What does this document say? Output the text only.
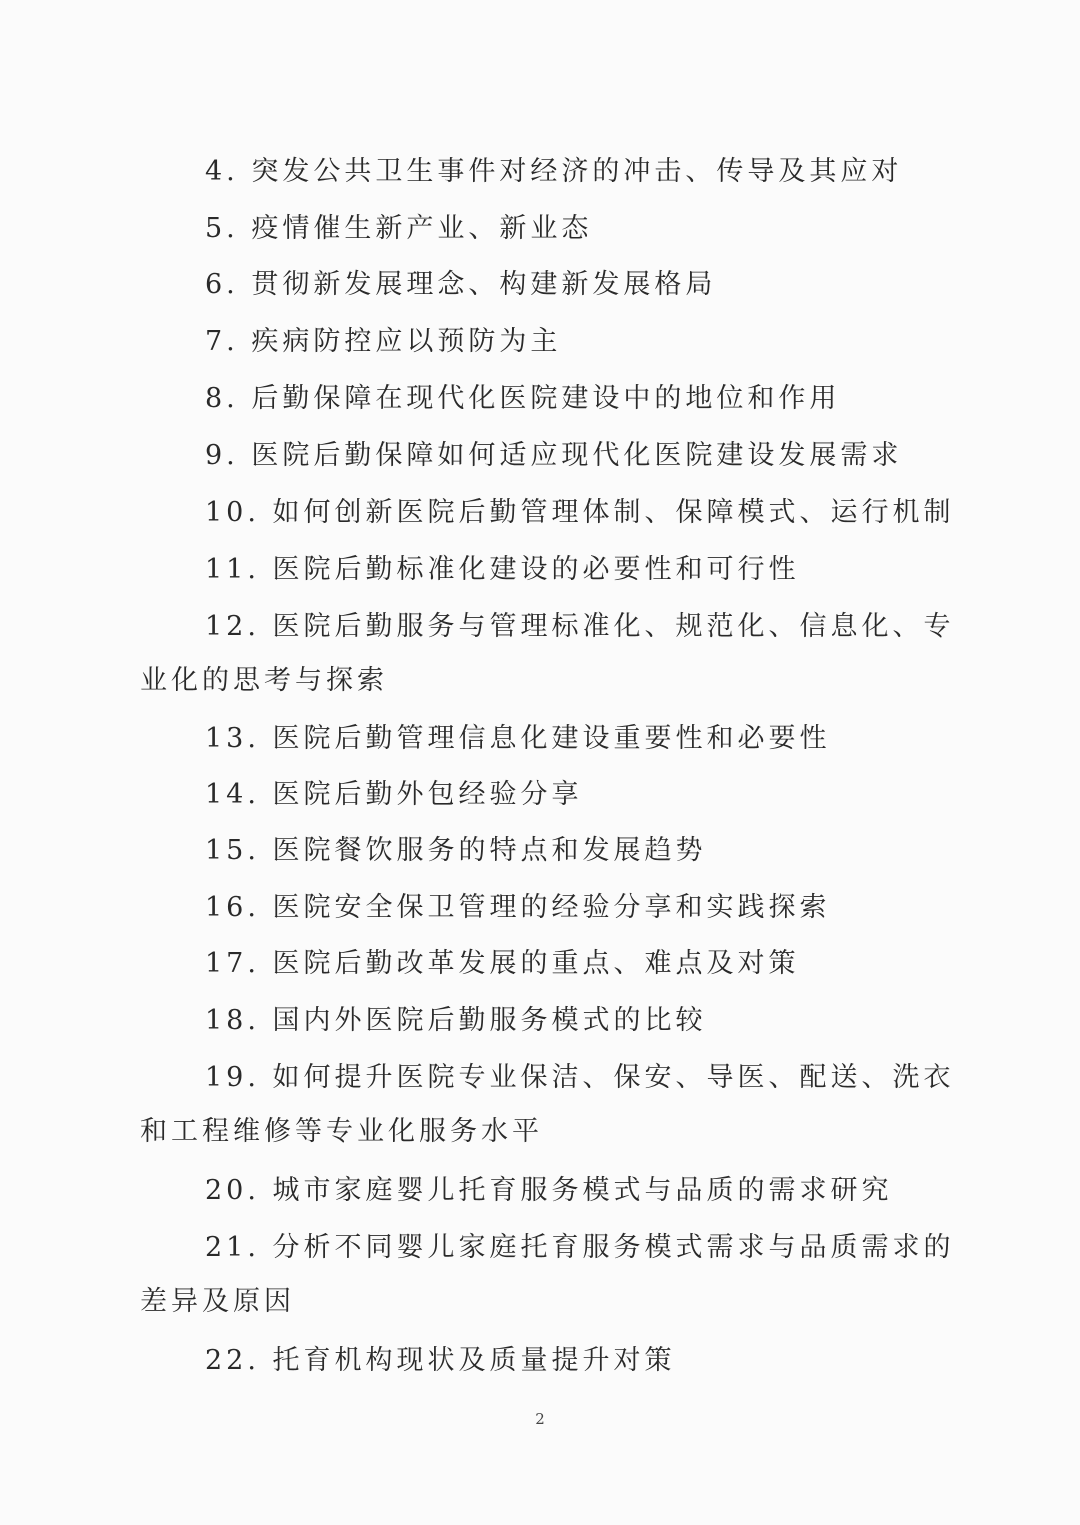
4. 突发公共卫生事件对经济的冲击、传导及其应对
5. 疫情催生新产业、新业态
6. 贯彻新发展理念、构建新发展格局
7. 疾病防控应以预防为主
8. 后勤保障在现代化医院建设中的地位和作用
9. 医院后勤保障如何适应现代化医院建设发展需求
10. 如何创新医院后勤管理体制、保障模式、运行机制
11. 医院后勤标准化建设的必要性和可行性
12. 医院后勤服务与管理标准化、规范化、信息化、专
业化的思考与探索
13. 医院后勤管理信息化建设重要性和必要性
14. 医院后勤外包经验分享
15. 医院餐饮服务的特点和发展趋势
16. 医院安全保卫管理的经验分享和实践探索
17. 医院后勤改革发展的重点、难点及对策
18. 国内外医院后勤服务模式的比较
19. 如何提升医院专业保洁、保安、导医、配送、洗衣
和工程维修等专业化服务水平
20. 城市家庭婴儿托育服务模式与品质的需求研究
21. 分析不同婴儿家庭托育服务模式需求与品质需求的
差异及原因
22. 托育机构现状及质量提升对策
2
